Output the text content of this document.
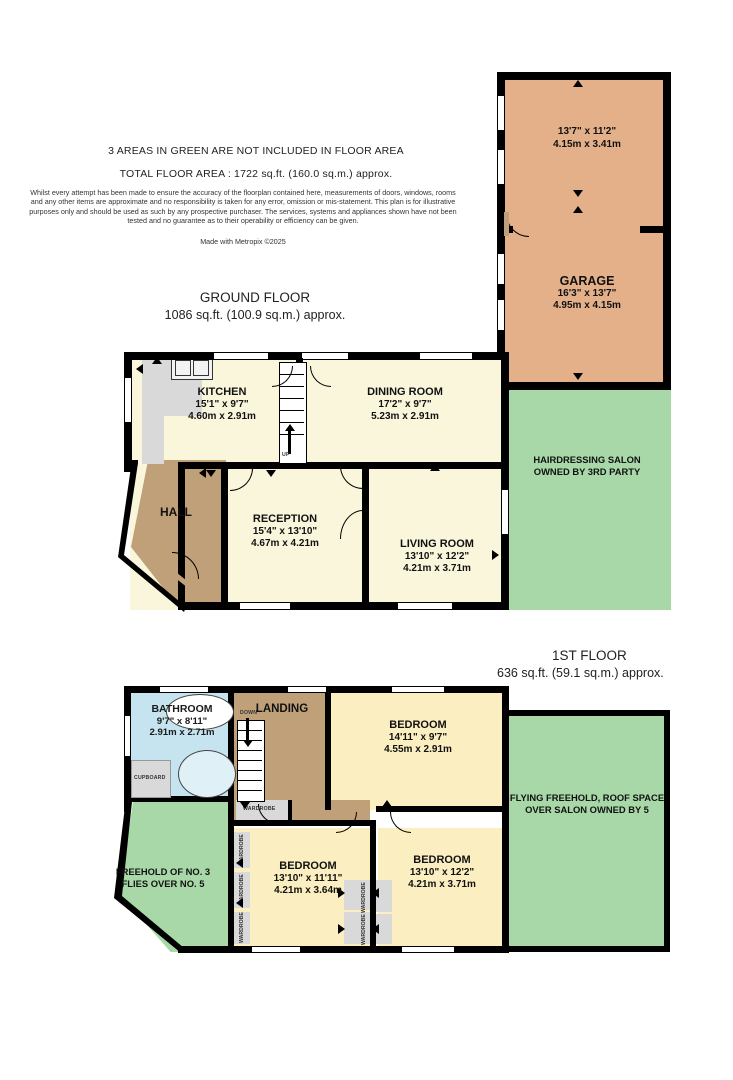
3 AREAS IN GREEN ARE NOT INCLUDED IN FLOOR AREA
TOTAL FLOOR AREA : 1722 sq.ft. (160.0 sq.m.) approx.
Whilst every attempt has been made to ensure the accuracy of the floorplan contained here, measurements of doors, windows, rooms and any other items are approximate and no responsibility is taken for any error, omission or mis-statement. This plan is for illustrative purposes only and should be used as such by any prospective purchaser. The services, systems and appliances shown have not been tested and no guarantee as to their operability or efficiency can be given.
Made with Metropix ©2025
GROUND FLOOR
1086 sq.ft. (100.9 sq.m.) approx.
1ST FLOOR
636 sq.ft. (59.1 sq.m.) approx.
13'7" x 11'2"
4.15m x 3.41m
GARAGE
16'3" x 13'7"
4.95m x 4.15m
HAIRDRESSING SALON
OWNED BY 3RD PARTY
UP
KITCHEN
15'1" x 9'7"
4.60m x 2.91m
DINING ROOM
17'2" x 9'7"
5.23m x 2.91m
HALL	RECEPTION
15'4" x 13'10"
4.67m x 4.21m	LIVING ROOM
13'10" x 12'2"
4.21m x 3.71m
WARDROBE
WARDROBE
WARDROBE
WARDROBE
WARDROBE
WARDROBE
CUPBOARD
DOWN
BATHROOM
9'7" x 8'11"
2.91m x 2.71m
LANDING
BEDROOM
14'11" x 9'7"
4.55m x 2.91m
BEDROOM
13'10" x 11'11"
4.21m x 3.64m
BEDROOM
13'10" x 12'2"
4.21m x 3.71m
FLYING FREEHOLD, ROOF SPACE
OVER SALON OWNED BY 5
FREEHOLD OF NO. 3
FLIES OVER NO. 5
